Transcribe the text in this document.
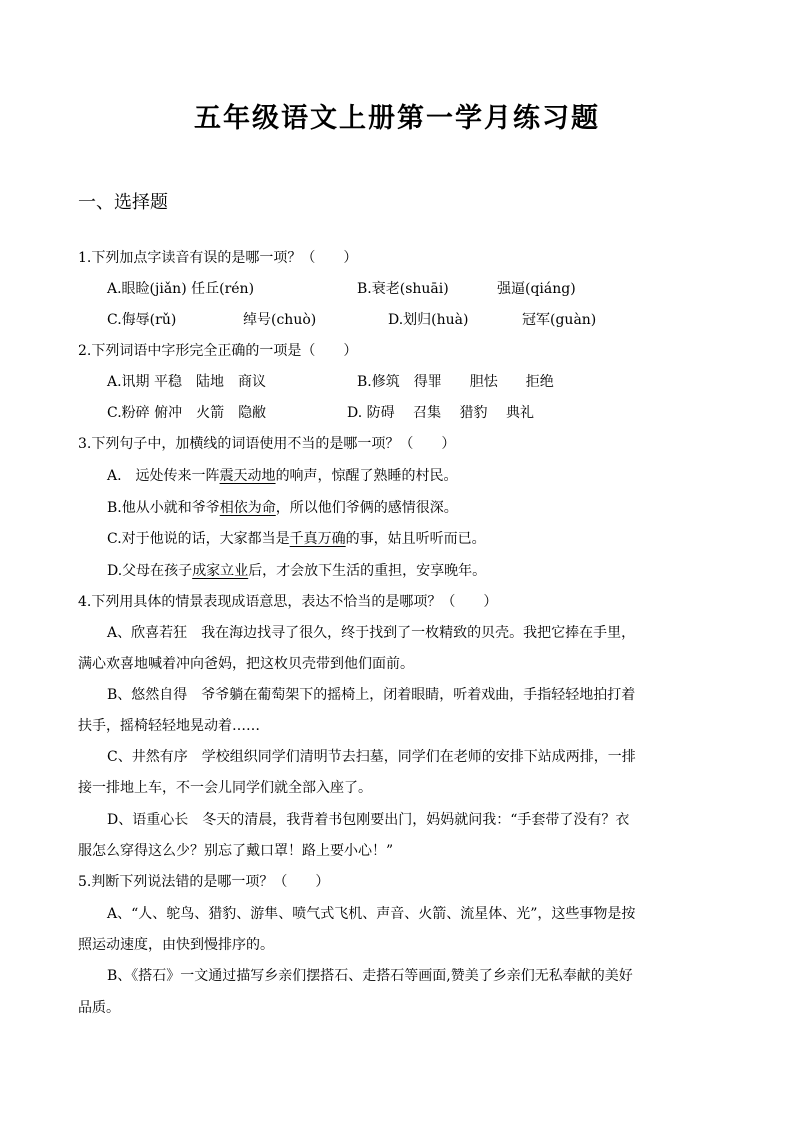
五年级语文上册第一学月练习题
一、选择题
1.下列加点字读音有误的是哪一项？（　　）
A.眼睑(jiǎn) 任丘(rén)	B.衰老(shuāi)	强逼(qiáng)
C.侮辱(rǔ)	绰号(chuò)	D.划归(huà)	冠军(guàn)
2.下列词语中字形完全正确的一项是（　　）
A.讯期 平稳　陆地　商议	B.修筑　得罪　　胆怯　　拒绝
C.粉碎 俯冲　火箭　隐敝	D. 防碍　 召集　 猎豹　 典礼
3.下列句子中，加横线的词语使用不当的是哪一项？（　　）
A.　远处传来一阵震天动地的响声，惊醒了熟睡的村民。
B.他从小就和爷爷相依为命，所以他们爷俩的感情很深。
C.对于他说的话，大家都当是千真万确的事，姑且听听而已。
D.父母在孩子成家立业后，才会放下生活的重担，安享晚年。
4.下列用具体的情景表现成语意思，表达不恰当的是哪项？（　　）
A、欣喜若狂　我在海边找寻了很久，终于找到了一枚精致的贝壳。我把它捧在手里，
满心欢喜地喊着冲向爸妈，把这枚贝壳带到他们面前。
B、悠然自得　爷爷躺在葡萄架下的摇椅上，闭着眼睛，听着戏曲，手指轻轻地拍打着
扶手，摇椅轻轻地晃动着……
C、井然有序　学校组织同学们清明节去扫墓，同学们在老师的安排下站成两排，一排
接一排地上车，不一会儿同学们就全部入座了。
D、语重心长　冬天的清晨，我背着书包刚要出门，妈妈就问我：“手套带了没有？衣
服怎么穿得这么少？别忘了戴口罩！路上要小心！”
5.判断下列说法错的是哪一项？（　　）
A、“人、鸵鸟、猎豹、游隼、喷气式飞机、声音、火箭、流星体、光”，这些事物是按
照运动速度，由快到慢排序的。
B、《搭石》一文通过描写乡亲们摆搭石、走搭石等画面,赞美了乡亲们无私奉献的美好
品质。
